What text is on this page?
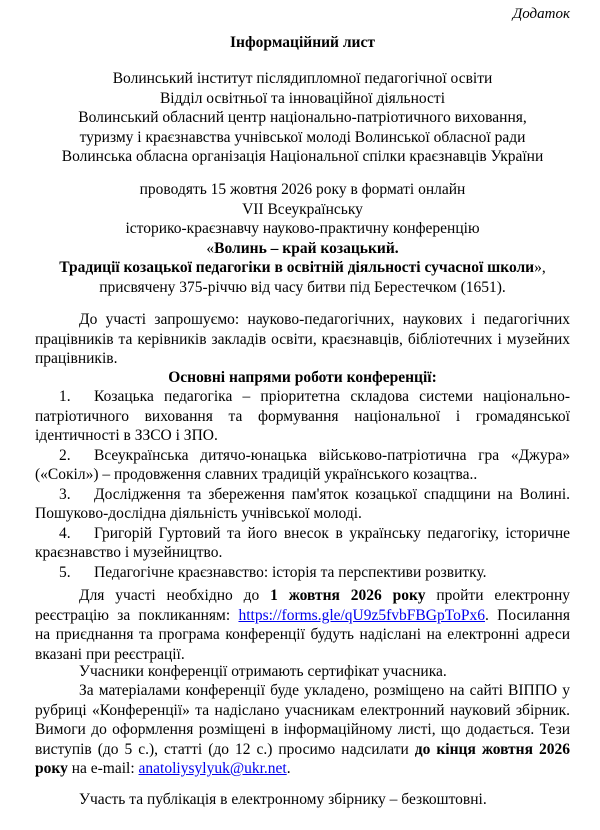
Додаток
Інформаційний лист
Волинський інститут післядипломної педагогічної освіти
Відділ освітньої та інноваційної діяльності
Волинський обласний центр національно-патріотичного виховання,
туризму і краєзнавства учнівської молоді Волинської обласної ради
Волинська обласна організація Національної спілки краєзнавців України
проводять 15 жовтня 2026 року в форматі онлайн
VII Всеукраїнську
історико-краєзнавчу науково-практичну конференцію
«Волинь – край козацький.
Традиції козацької педагогіки в освітній діяльності сучасної школи»,
присвячену 375-річчю від часу битви під Берестечком (1651).

До участі запрошуємо: науково-педагогічних, наукових і педагогічних працівників та керівників закладів освіти, краєзнавців, бібліотечних і музейних працівників.

Основні напрями роботи конференції:

1. Козацька педагогіка – пріоритетна складова системи національно-патріотичного виховання та формування національної і громадянської ідентичності в ЗЗСО і ЗПО.

2. Всеукраїнська дитячо-юнацька військово-патріотична гра «Джура» («Сокіл») – продовження славних традицій українського козацтва..

3. Дослідження та збереження пам'яток козацької спадщини на Волині. Пошуково-дослідна діяльність учнівської молоді.

4. Григорій Гуртовий та його внесок в українську педагогіку, історичне краєзнавство і музейництво.

5. Педагогічне краєзнавство: історія та перспективи розвитку.

Для участі необхідно до 1 жовтня 2026 року пройти електронну реєстрацію за покликанням: https://forms.gle/qU9z5fvbFBGpToPx6. Посилання на приєднання та програма конференції будуть надіслані на електронні адреси вказані при реєстрації.

Учасники конференції отримають сертифікат учасника.

За матеріалами конференції буде укладено, розміщено на сайті ВІППО у рубриці «Конференції» та надіслано учасникам електронний науковий збірник. Вимоги до оформлення розміщені в інформаційному листі, що додається. Тези виступів (до 5 с.), статті (до 12 с.) просимо надсилати до кінця жовтня 2026 року на e-mail: anatoliysylyuk@ukr.net.

Участь та публікація в електронному збірнику – безкоштовні.
